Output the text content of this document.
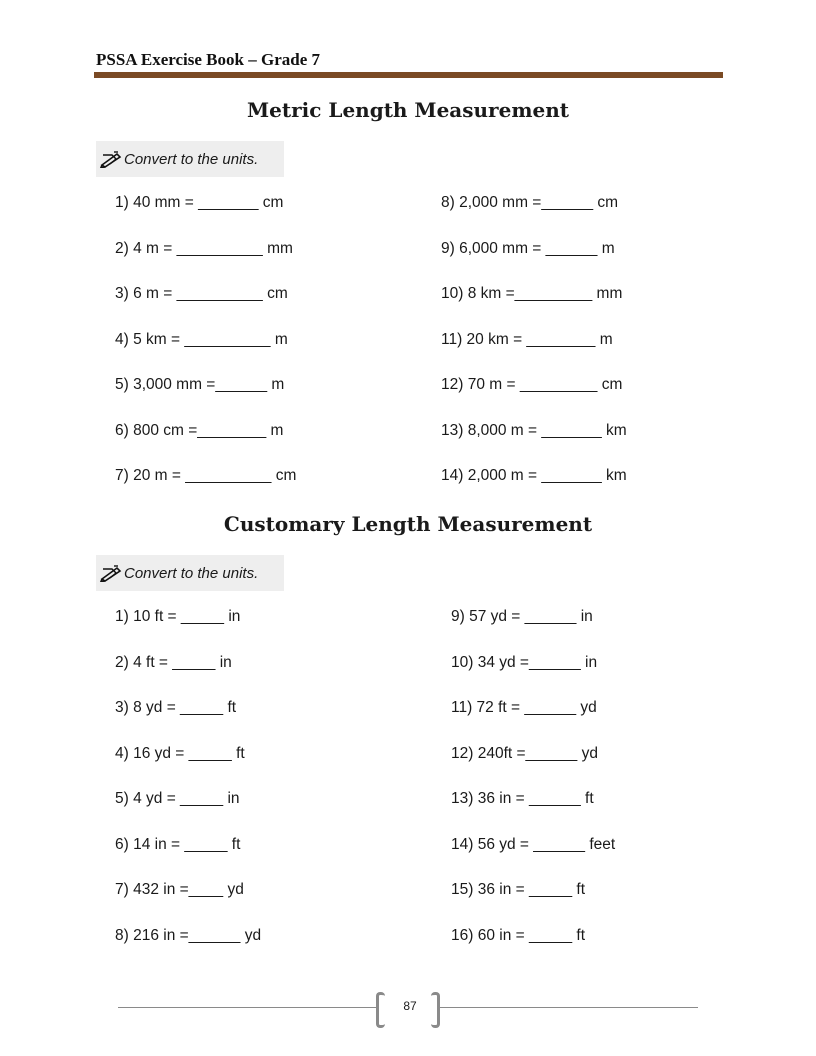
PSSA Exercise Book – Grade 7
Metric Length Measurement
Convert to the units.
1) 40 mm = _______ cm
2) 4 m = __________ mm
3) 6 m = __________ cm
4) 5 km = __________ m
5) 3,000 mm =______ m
6) 800 cm =________ m
7) 20 m = __________ cm
8) 2,000 mm =______ cm
9) 6,000 mm = ______ m
10) 8 km =_________ mm
11) 20 km = ________ m
12) 70 m = _________ cm
13) 8,000 m = _______ km
14) 2,000 m = _______ km
Customary Length Measurement
Convert to the units.
1) 10 ft = _____ in
2) 4 ft = _____ in
3) 8 yd = _____ ft
4) 16 yd = _____ ft
5) 4 yd = _____ in
6) 14 in = _____ ft
7) 432 in =____ yd
8) 216 in =______ yd
9) 57 yd = ______ in
10) 34 yd =______ in
11) 72 ft = ______ yd
12) 240ft =______ yd
13) 36 in = ______ ft
14) 56 yd = ______ feet
15) 36 in = _____ ft
16) 60 in = _____ ft
87
